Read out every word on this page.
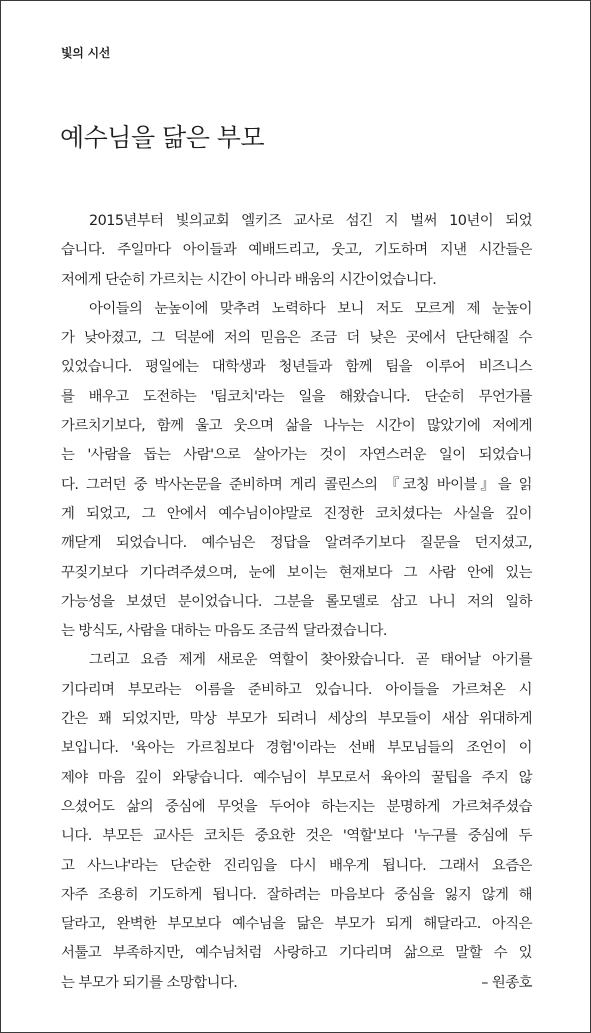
빛의 시선
예수님을 닮은 부모
2015년부터 빛의교회 엘키즈 교사로 섬긴 지 벌써 10년이 되었
습니다. 주일마다 아이들과 예배드리고, 웃고, 기도하며 지낸 시간들은
저에게 단순히 가르치는 시간이 아니라 배움의 시간이었습니다.
아이들의 눈높이에 맞추려 노력하다 보니 저도 모르게 제 눈높이
가 낮아졌고, 그 덕분에 저의 믿음은 조금 더 낮은 곳에서 단단해질 수
있었습니다. 평일에는 대학생과 청년들과 함께 팀을 이루어 비즈니스
를 배우고 도전하는 '팀코치'라는 일을 해왔습니다. 단순히 무언가를
가르치기보다, 함께 울고 웃으며 삶을 나누는 시간이 많았기에 저에게
는 '사람을 돕는 사람'으로 살아가는 것이 자연스러운 일이 되었습니
다. 그러던 중 박사논문을 준비하며 게리 콜린스의 『코칭 바이블』을 읽
게 되었고, 그 안에서 예수님이야말로 진정한 코치셨다는 사실을 깊이
깨닫게 되었습니다. 예수님은 정답을 알려주기보다 질문을 던지셨고,
꾸짖기보다 기다려주셨으며, 눈에 보이는 현재보다 그 사람 안에 있는
가능성을 보셨던 분이었습니다. 그분을 롤모델로 삼고 나니 저의 일하
는 방식도, 사람을 대하는 마음도 조금씩 달라졌습니다.
그리고 요즘 제게 새로운 역할이 찾아왔습니다. 곧 태어날 아기를
기다리며 부모라는 이름을 준비하고 있습니다. 아이들을 가르쳐온 시
간은 꽤 되었지만, 막상 부모가 되려니 세상의 부모들이 새삼 위대하게
보입니다. '육아는 가르침보다 경험'이라는 선배 부모님들의 조언이 이
제야 마음 깊이 와닿습니다. 예수님이 부모로서 육아의 꿀팁을 주지 않
으셨어도 삶의 중심에 무엇을 두어야 하는지는 분명하게 가르쳐주셨습
니다. 부모든 교사든 코치든 중요한 것은 '역할'보다 '누구를 중심에 두
고 사느냐'라는 단순한 진리임을 다시 배우게 됩니다. 그래서 요즘은
자주 조용히 기도하게 됩니다. 잘하려는 마음보다 중심을 잃지 않게 해
달라고, 완벽한 부모보다 예수님을 닮은 부모가 되게 해달라고. 아직은
서툴고 부족하지만, 예수님처럼 사랑하고 기다리며 삶으로 말할 수 있
는 부모가 되기를 소망합니다.	– 원종호
